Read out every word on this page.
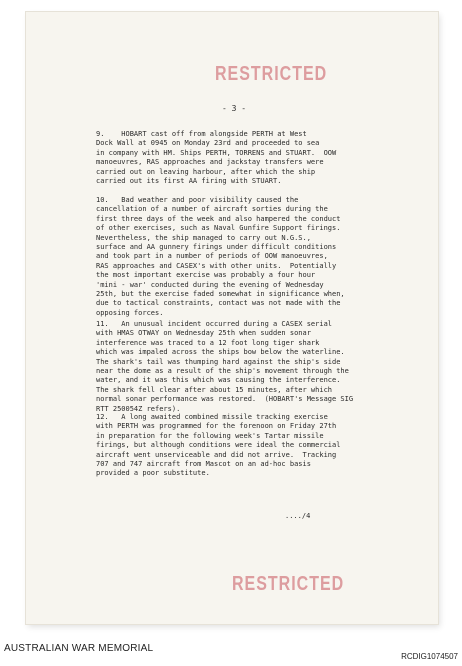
RESTRICTED
- 3 -
9.    HOBART cast off from alongside PERTH at West
Dock Wall at 0945 on Monday 23rd and proceeded to sea
in company with HM. Ships PERTH, TORRENS and STUART.  OOW
manoeuvres, RAS approaches and jackstay transfers were
carried out on leaving harbour, after which the ship
carried out its first AA firing with STUART.
10.   Bad weather and poor visibility caused the
cancellation of a number of aircraft sorties during the
first three days of the week and also hampered the conduct
of other exercises, such as Naval Gunfire Support firings.
Nevertheless, the ship managed to carry out N.G.S.,
surface and AA gunnery firings under difficult conditions
and took part in a number of periods of OOW manoeuvres,
RAS approaches and CASEX's with other units.  Potentially
the most important exercise was probably a four hour
'mini - war' conducted during the evening of Wednesday
25th, but the exercise faded somewhat in significance when,
due to tactical constraints, contact was not made with the
opposing forces.
11.   An unusual incident occurred during a CASEX serial
with HMAS OTWAY on Wednesday 25th when sudden sonar
interference was traced to a 12 foot long tiger shark
which was impaled across the ships bow below the waterline.
The shark's tail was thumping hard against the ship's side
near the dome as a result of the ship's movement through the
water, and it was this which was causing the interference.
The shark fell clear after about 15 minutes, after which
normal sonar performance was restored.  (HOBART's Message SIG
RTT 250054Z refers).
12.   A long awaited combined missile tracking exercise
with PERTH was programmed for the forenoon on Friday 27th
in preparation for the following week's Tartar missile
firings, but although conditions were ideal the commercial
aircraft went unserviceable and did not arrive.  Tracking
707 and 747 aircraft from Mascot on an ad-hoc basis
provided a poor substitute.
..../4
RESTRICTED
AUSTRALIAN WAR MEMORIAL
RCDIG1074507
